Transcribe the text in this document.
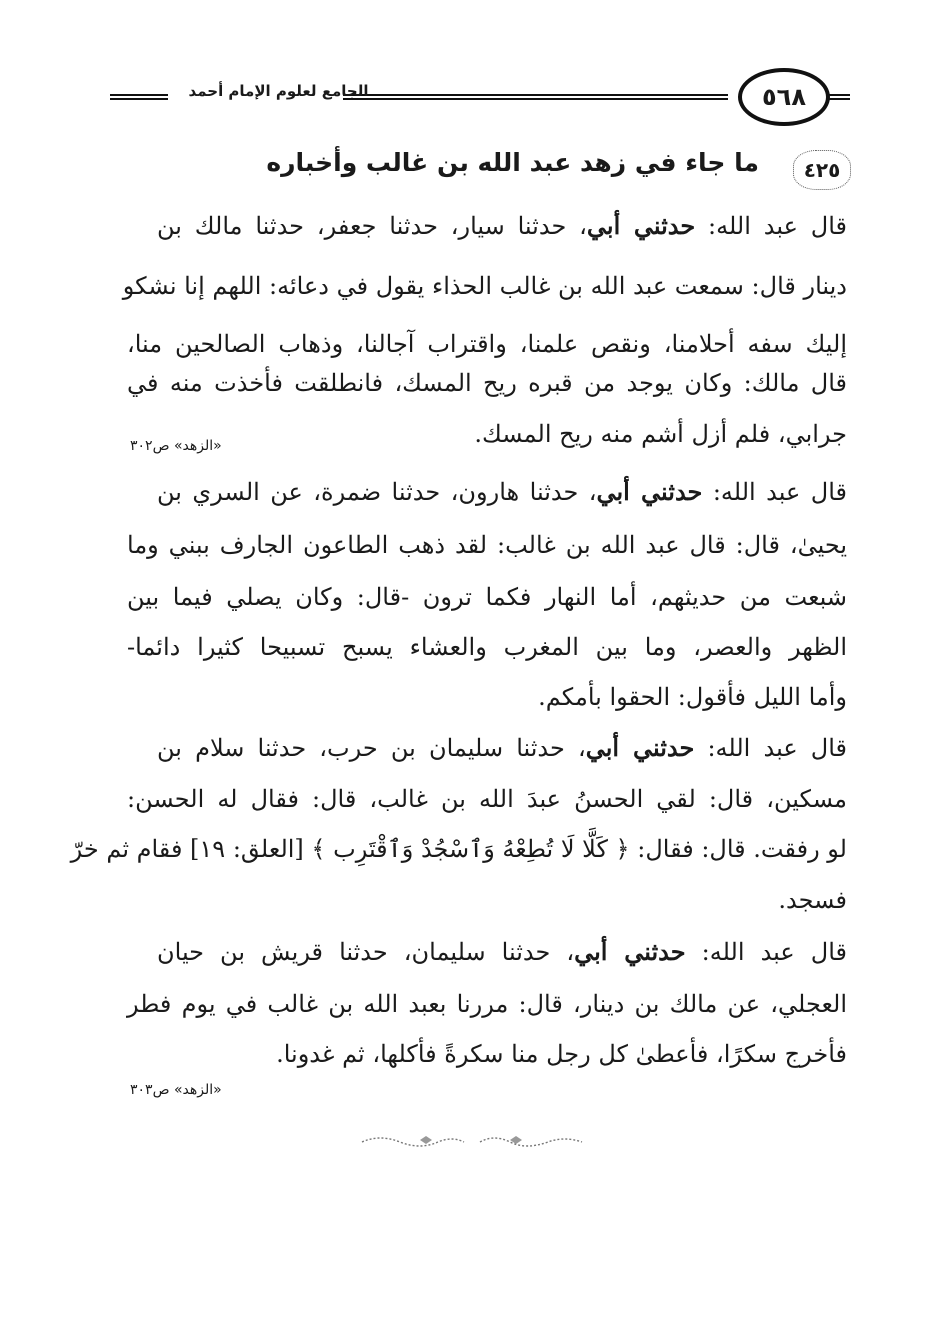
٥٦٨
الجامع لعلوم الإمام أحمد
٤٢٥
ما جاء في زهد عبد الله بن غالب وأخباره
قال عبد الله: حدثني أبي، حدثنا سيار، حدثنا جعفر، حدثنا مالك بن
دينار قال: سمعت عبد الله بن غالب الحذاء يقول في دعائه: اللهم إنا نشكو
إليك سفه أحلامنا، ونقص علمنا، واقتراب آجالنا، وذهاب الصالحين منا،
قال مالك: وكان يوجد من قبره ريح المسك، فانطلقت فأخذت منه في
جرابي، فلم أزل أشم منه ريح المسك.
«الزهد» ص٣٠٢
قال عبد الله: حدثني أبي، حدثنا هارون، حدثنا ضمرة، عن السري بن
يحيىٰ، قال: قال عبد الله بن غالب: لقد ذهب الطاعون الجارف ببني وما
شبعت من حديثهم، أما النهار فكما ترون -قال: وكان يصلي فيما بين
الظهر والعصر، وما بين المغرب والعشاء يسبح تسبيحا كثيرا دائما-
وأما الليل فأقول: الحقوا بأمكم.
قال عبد الله: حدثني أبي، حدثنا سليمان بن حرب، حدثنا سلام بن
مسكين، قال: لقي الحسنُ عبدَ الله بن غالب، قال: فقال له الحسن:
لو رفقت. قال: فقال: ﴿ كَلَّا لَا تُطِعْهُ وَٱسْجُدْ وَٱقْتَرِب ﴾ [العلق: ١٩] فقام ثم خرّ
فسجد.
قال عبد الله: حدثني أبي، حدثنا سليمان، حدثنا قريش بن حيان
العجلي، عن مالك بن دينار، قال: مررنا بعبد الله بن غالب في يوم فطر
فأخرج سكرًا، فأعطىٰ كل رجل منا سكرةً فأكلها، ثم غدونا.
«الزهد» ص٣٠٣
